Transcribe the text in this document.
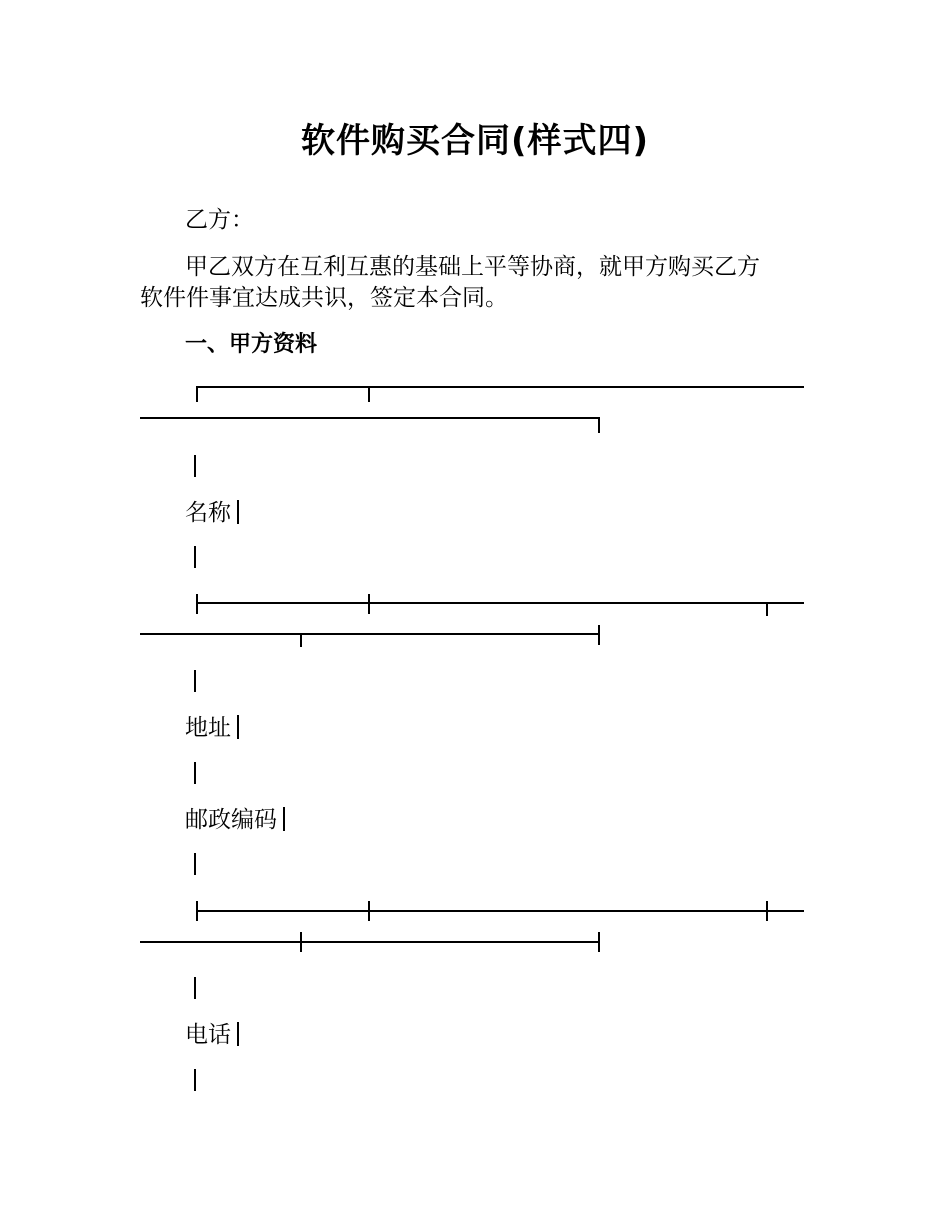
软件购买合同(样式四)
乙方：
甲乙双方在互利互惠的基础上平等协商，就甲方购买乙方
软件件事宜达成共识，签定本合同。
一、甲方资料
名称
地址
邮政编码
电话
